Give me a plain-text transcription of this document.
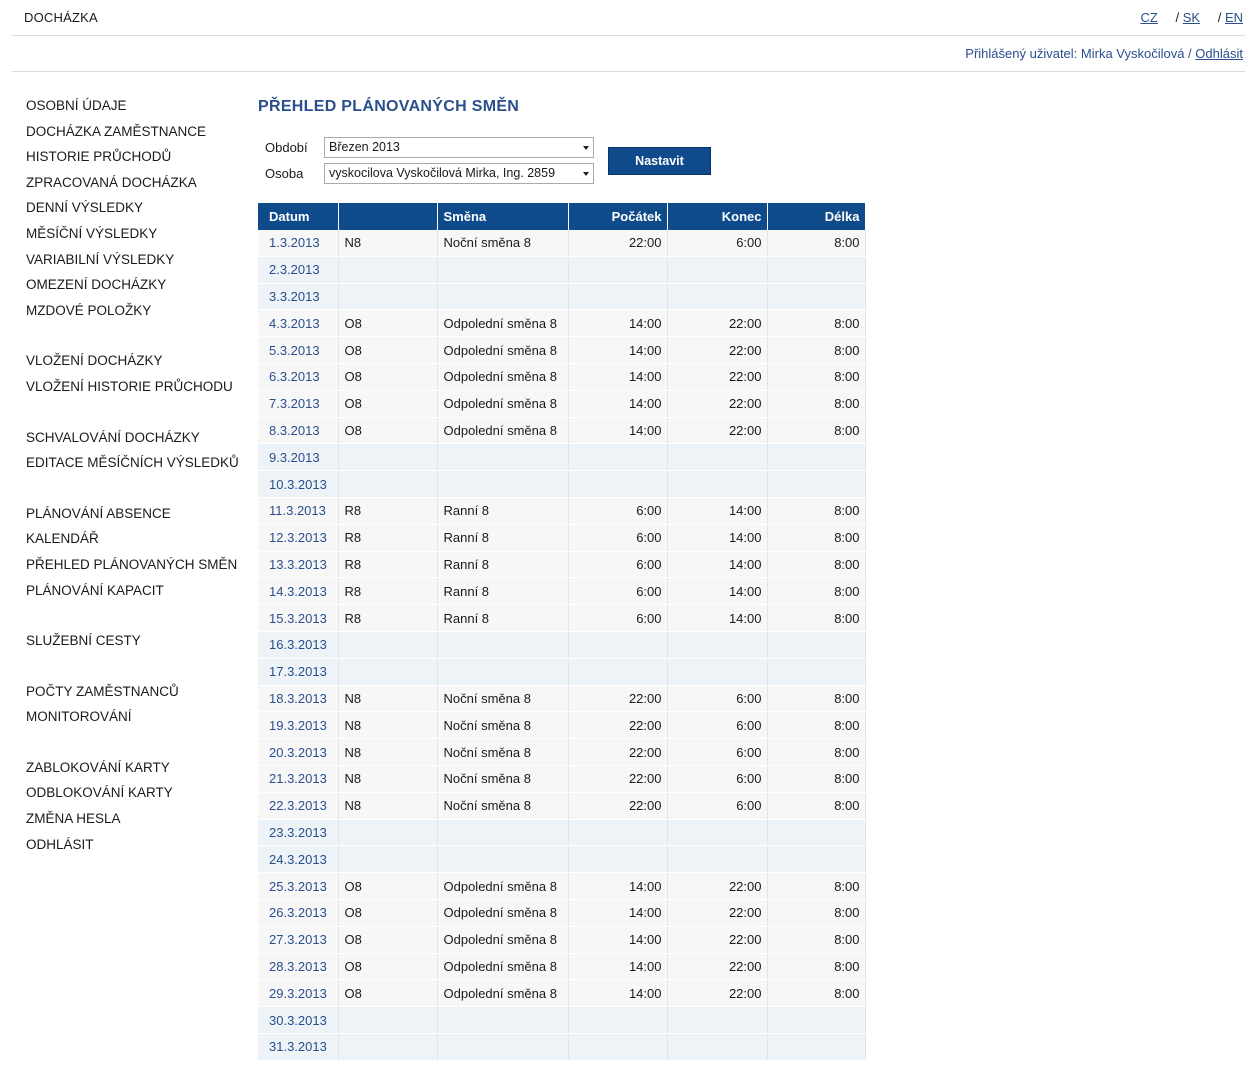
DOCHÁZKA	CZ / SK / EN
Přihlášený uživatel: Mirka Vyskočilová / Odhlásit
OSOBNÍ ÚDAJE
DOCHÁZKA ZAMĚSTNANCE
HISTORIE PRŮCHODŮ
ZPRACOVANÁ DOCHÁZKA
DENNÍ VÝSLEDKY
MĚSÍČNÍ VÝSLEDKY
VARIABILNÍ VÝSLEDKY
OMEZENÍ DOCHÁZKY
MZDOVÉ POLOŽKY
VLOŽENÍ DOCHÁZKY
VLOŽENÍ HISTORIE PRŮCHODU
SCHVALOVÁNÍ DOCHÁZKY
EDITACE MĚSÍČNÍCH VÝSLEDKŮ
PLÁNOVÁNÍ ABSENCE
KALENDÁŘ
PŘEHLED PLÁNOVANÝCH SMĚN
PLÁNOVÁNÍ KAPACIT
SLUŽEBNÍ CESTY
POČTY ZAMĚSTNANCŮ
MONITOROVÁNÍ
ZABLOKOVÁNÍ KARTY
ODBLOKOVÁNÍ KARTY
ZMĚNA HESLA
ODHLÁSIT
PŘEHLED PLÁNOVANÝCH SMĚN
Období	Březen 2013
Osoba	vyskocilova Vyskočilová Mirka, Ing. 2859
Nastavit
Datum		Směna	Počátek	Konec	Délka
1.3.2013	N8	Noční směna 8	22:00	6:00	8:00
2.3.2013					
3.3.2013					
4.3.2013	O8	Odpolední směna 8	14:00	22:00	8:00
5.3.2013	O8	Odpolední směna 8	14:00	22:00	8:00
6.3.2013	O8	Odpolední směna 8	14:00	22:00	8:00
7.3.2013	O8	Odpolední směna 8	14:00	22:00	8:00
8.3.2013	O8	Odpolední směna 8	14:00	22:00	8:00
9.3.2013					
10.3.2013					
11.3.2013	R8	Ranní 8	6:00	14:00	8:00
12.3.2013	R8	Ranní 8	6:00	14:00	8:00
13.3.2013	R8	Ranní 8	6:00	14:00	8:00
14.3.2013	R8	Ranní 8	6:00	14:00	8:00
15.3.2013	R8	Ranní 8	6:00	14:00	8:00
16.3.2013					
17.3.2013					
18.3.2013	N8	Noční směna 8	22:00	6:00	8:00
19.3.2013	N8	Noční směna 8	22:00	6:00	8:00
20.3.2013	N8	Noční směna 8	22:00	6:00	8:00
21.3.2013	N8	Noční směna 8	22:00	6:00	8:00
22.3.2013	N8	Noční směna 8	22:00	6:00	8:00
23.3.2013					
24.3.2013					
25.3.2013	O8	Odpolední směna 8	14:00	22:00	8:00
26.3.2013	O8	Odpolední směna 8	14:00	22:00	8:00
27.3.2013	O8	Odpolední směna 8	14:00	22:00	8:00
28.3.2013	O8	Odpolední směna 8	14:00	22:00	8:00
29.3.2013	O8	Odpolední směna 8	14:00	22:00	8:00
30.3.2013					
31.3.2013					
